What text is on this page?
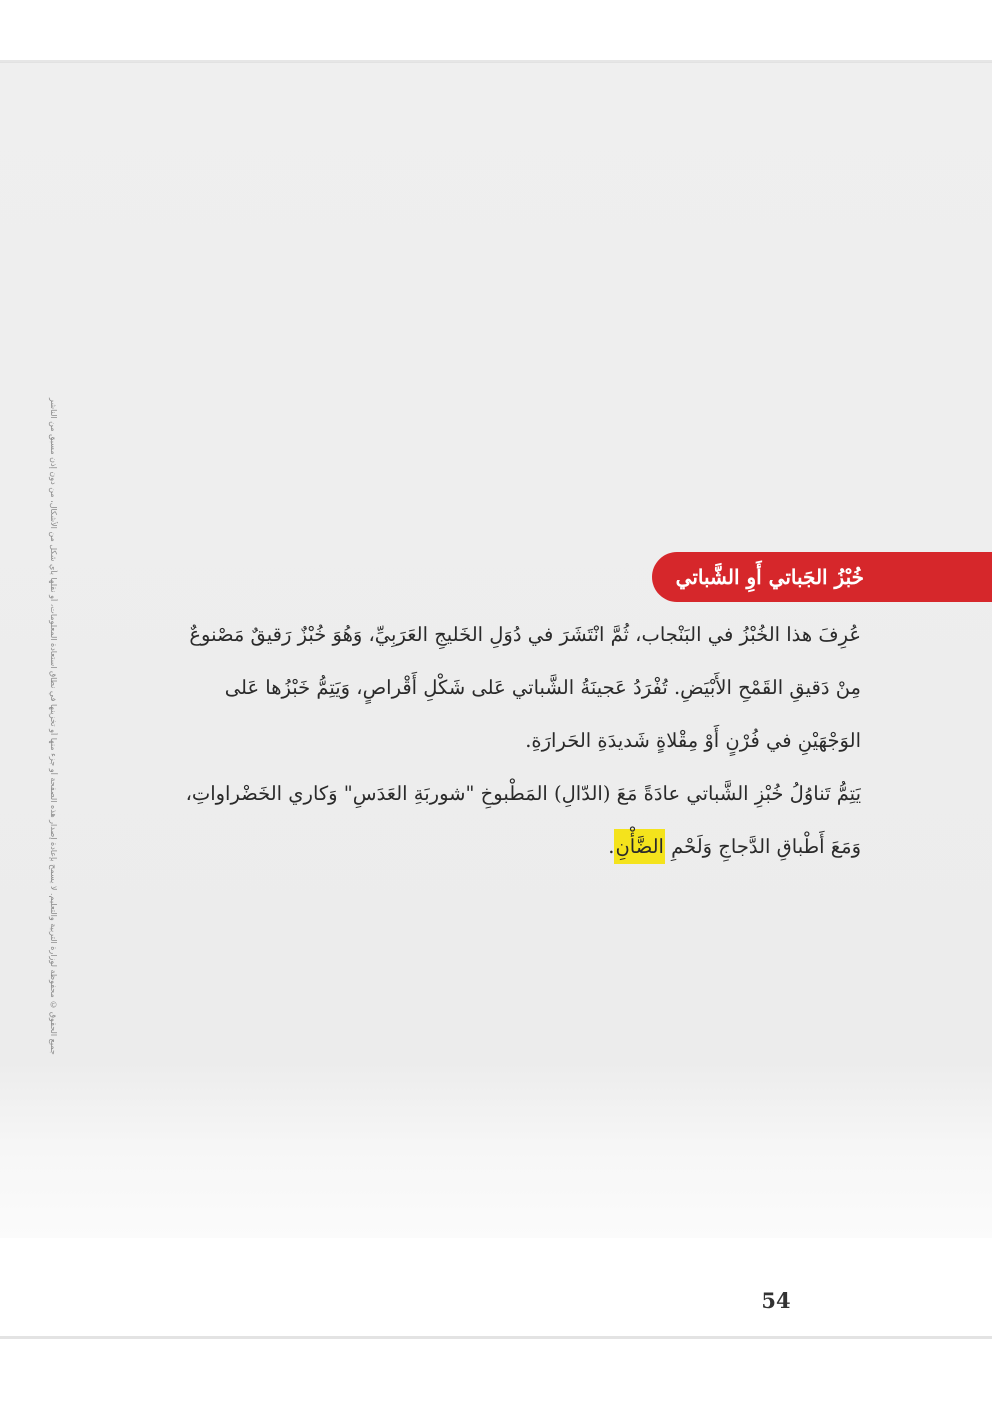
جميع الحقوق © محفوظة لوزارة التربية والتعليم. لا يسمح بإعادة إصدار هذه الصفحة أو جزء منها أو تخزينها في نطاق استعادة المعلومات، أو نقلها بأي شكل من الأشكال، من دون إذن مسبق من الناشر	خُبْزُ الجَباتي أَوِ الشَّباتي
عُرِفَ هذا الخُبْزُ في البَنْجاب، ثُمَّ انْتَشَرَ في دُوَلِ الخَليجِ العَرَبِيِّ، وَهُوَ خُبْزٌ رَقيقٌ مَصْنوعٌ
مِنْ دَقيقِ القَمْحِ الأَبْيَضِ. تُفْرَدُ عَجينَةُ الشَّباتي عَلى شَكْلِ أَقْراصٍ، وَيَتِمُّ خَبْزُها عَلى
الوَجْهَيْنِ في فُرْنٍ أَوْ مِقْلاةٍ شَديدَةِ الحَرارَةِ.
يَتِمُّ تَناوُلُ خُبْزِ الشَّباتي عادَةً مَعَ (الدّالِ) المَطْبوخِ "شوربَةِ العَدَسِ" وَكاري الخَضْراواتِ،
وَمَعَ أَطْباقِ الدَّجاجِ وَلَحْمِ الضَّأْنِ.
54
